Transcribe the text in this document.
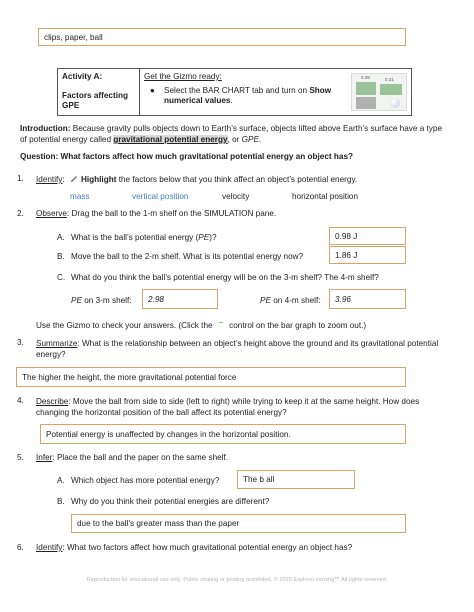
clips, paper, ball
Activity A:
Factors affecting GPE

Get the Gizmo ready:
●	Select the BAR CHART tab and turn on Show numerical values.
0.39	0.31
Introduction: Because gravity pulls objects down to Earth’s surface, objects lifted above Earth’s surface have a type of potential energy called gravitational potential energy, or GPE.
Question: What factors affect how much gravitational potential energy an object has?
1. Identify: Highlight the factors below that you think affect an object’s potential energy.
mass	vertical position	velocity	horizontal position
2. Observe: Drag the ball to the 1-m shelf on the SIMULATION pane.
A. What is the ball’s potential energy (PE)?	0.98 J
B. Move the ball to the 2-m shelf. What is its potential energy now?	1.86 J
C. What do you think the ball’s potential energy will be on the 3-m shelf? The 4-m shelf?
PE on 3-m shelf: 2.98	PE on 4-m shelf: 3.96
Use the Gizmo to check your answers. (Click the – control on the bar graph to zoom out.)
3. Summarize: What is the relationship between an object’s height above the ground and its gravitational potential energy?
The higher the height, the more gravitational potential force
4. Describe: Move the ball from side to side (left to right) while trying to keep it at the same height. How does changing the horizontal position of the ball affect its potential energy?
Potential energy is unaffected by changes in the horizontal position.
5. Infer: Place the ball and the paper on the same shelf.
A. Which object has more potential energy?	The b all
B. Why do you think their potential energies are different?
due to the ball's greater mass than the paper
6. Identify: What two factors affect how much gravitational potential energy an object has?
Reproduction for educational use only. Public sharing or posting prohibited. © 2020 ExploreLearning™ All rights reserved.
